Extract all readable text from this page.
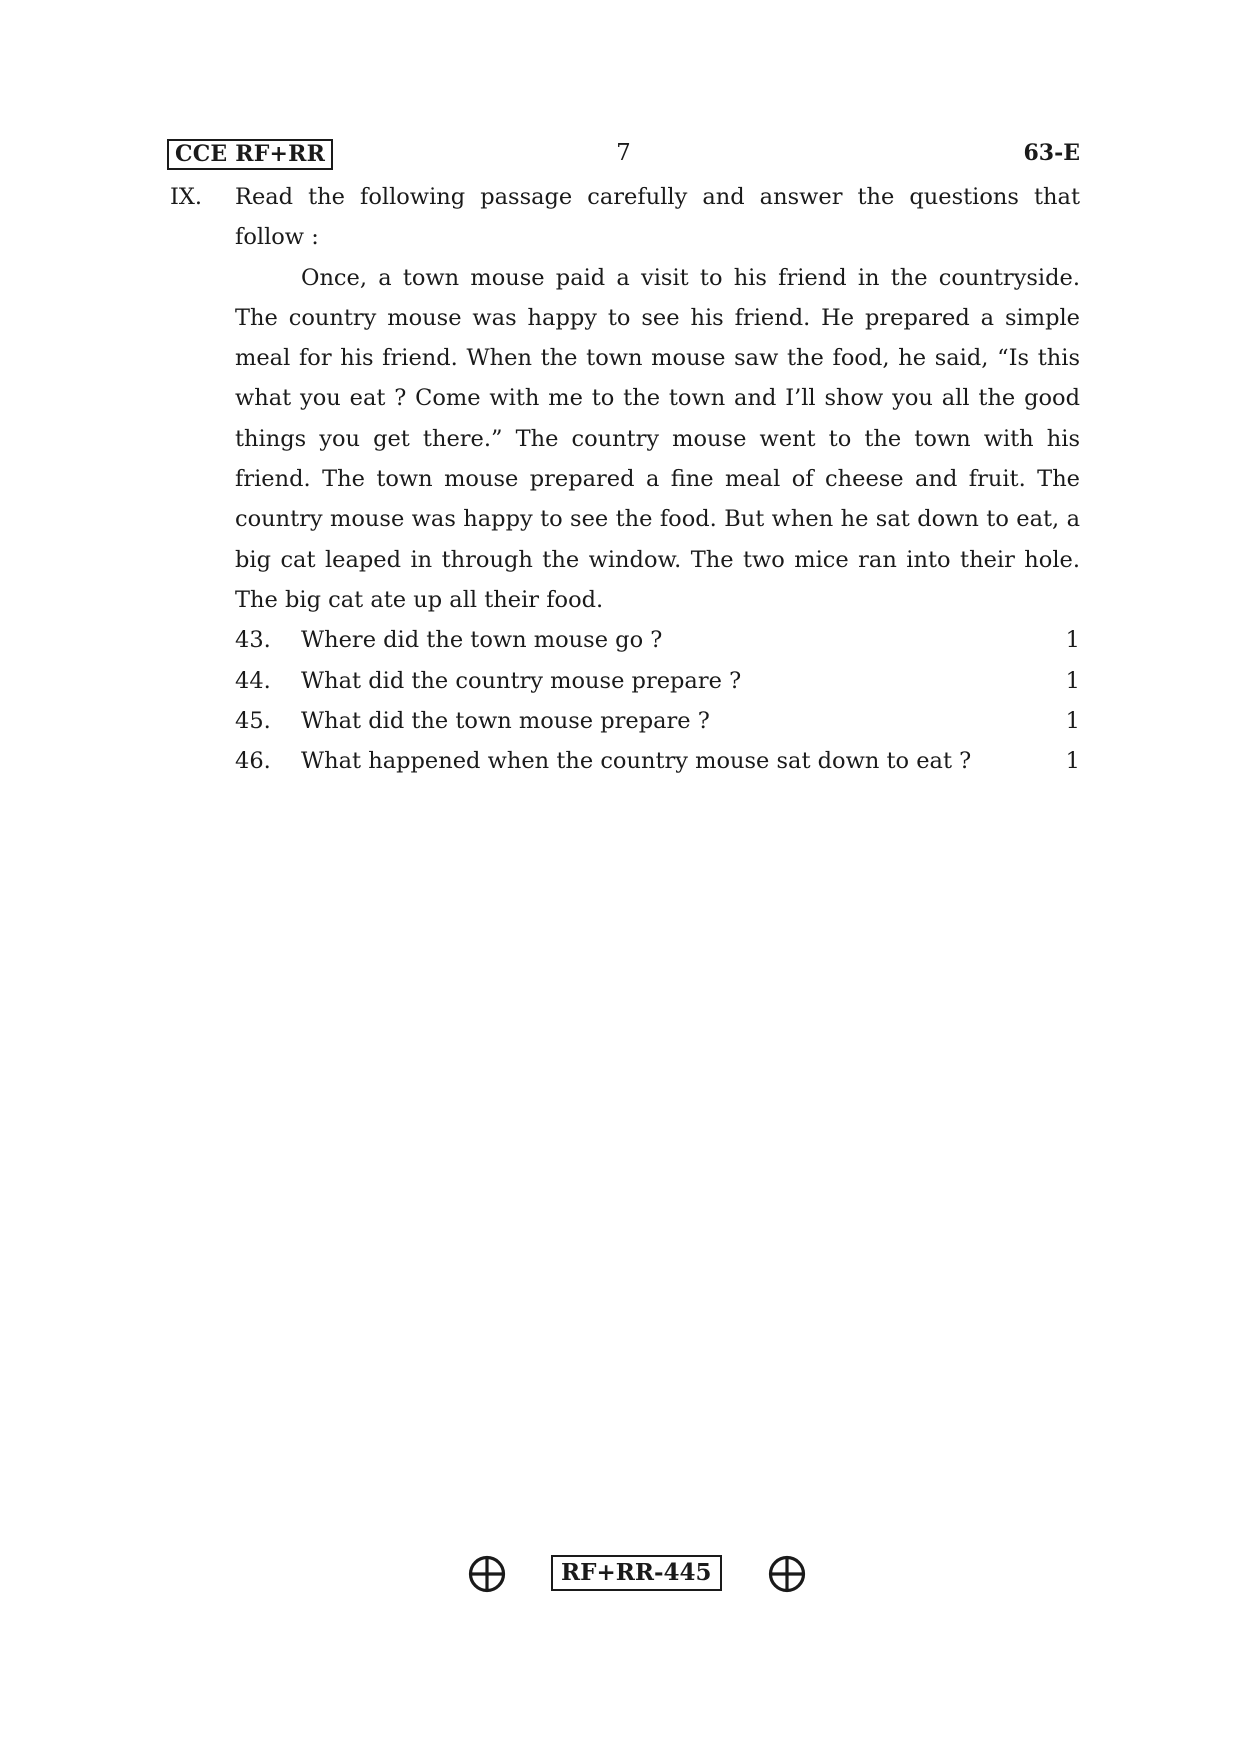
CCE RF+RR	7	63-E
IX. Read the following passage carefully and answer the questions that follow :
Once, a town mouse paid a visit to his friend in the countryside. The country mouse was happy to see his friend. He prepared a simple meal for his friend. When the town mouse saw the food, he said, “Is this what you eat ? Come with me to the town and I’ll show you all the good things you get there.” The country mouse went to the town with his friend. The town mouse prepared a fine meal of cheese and fruit. The country mouse was happy to see the food. But when he sat down to eat, a big cat leaped in through the window. The two mice ran into their hole. The big cat ate up all their food.
43. Where did the town mouse go ?	1
44. What did the country mouse prepare ?	1
45. What did the town mouse prepare ?	1
46. What happened when the country mouse sat down to eat ?	1
RF+RR-445
